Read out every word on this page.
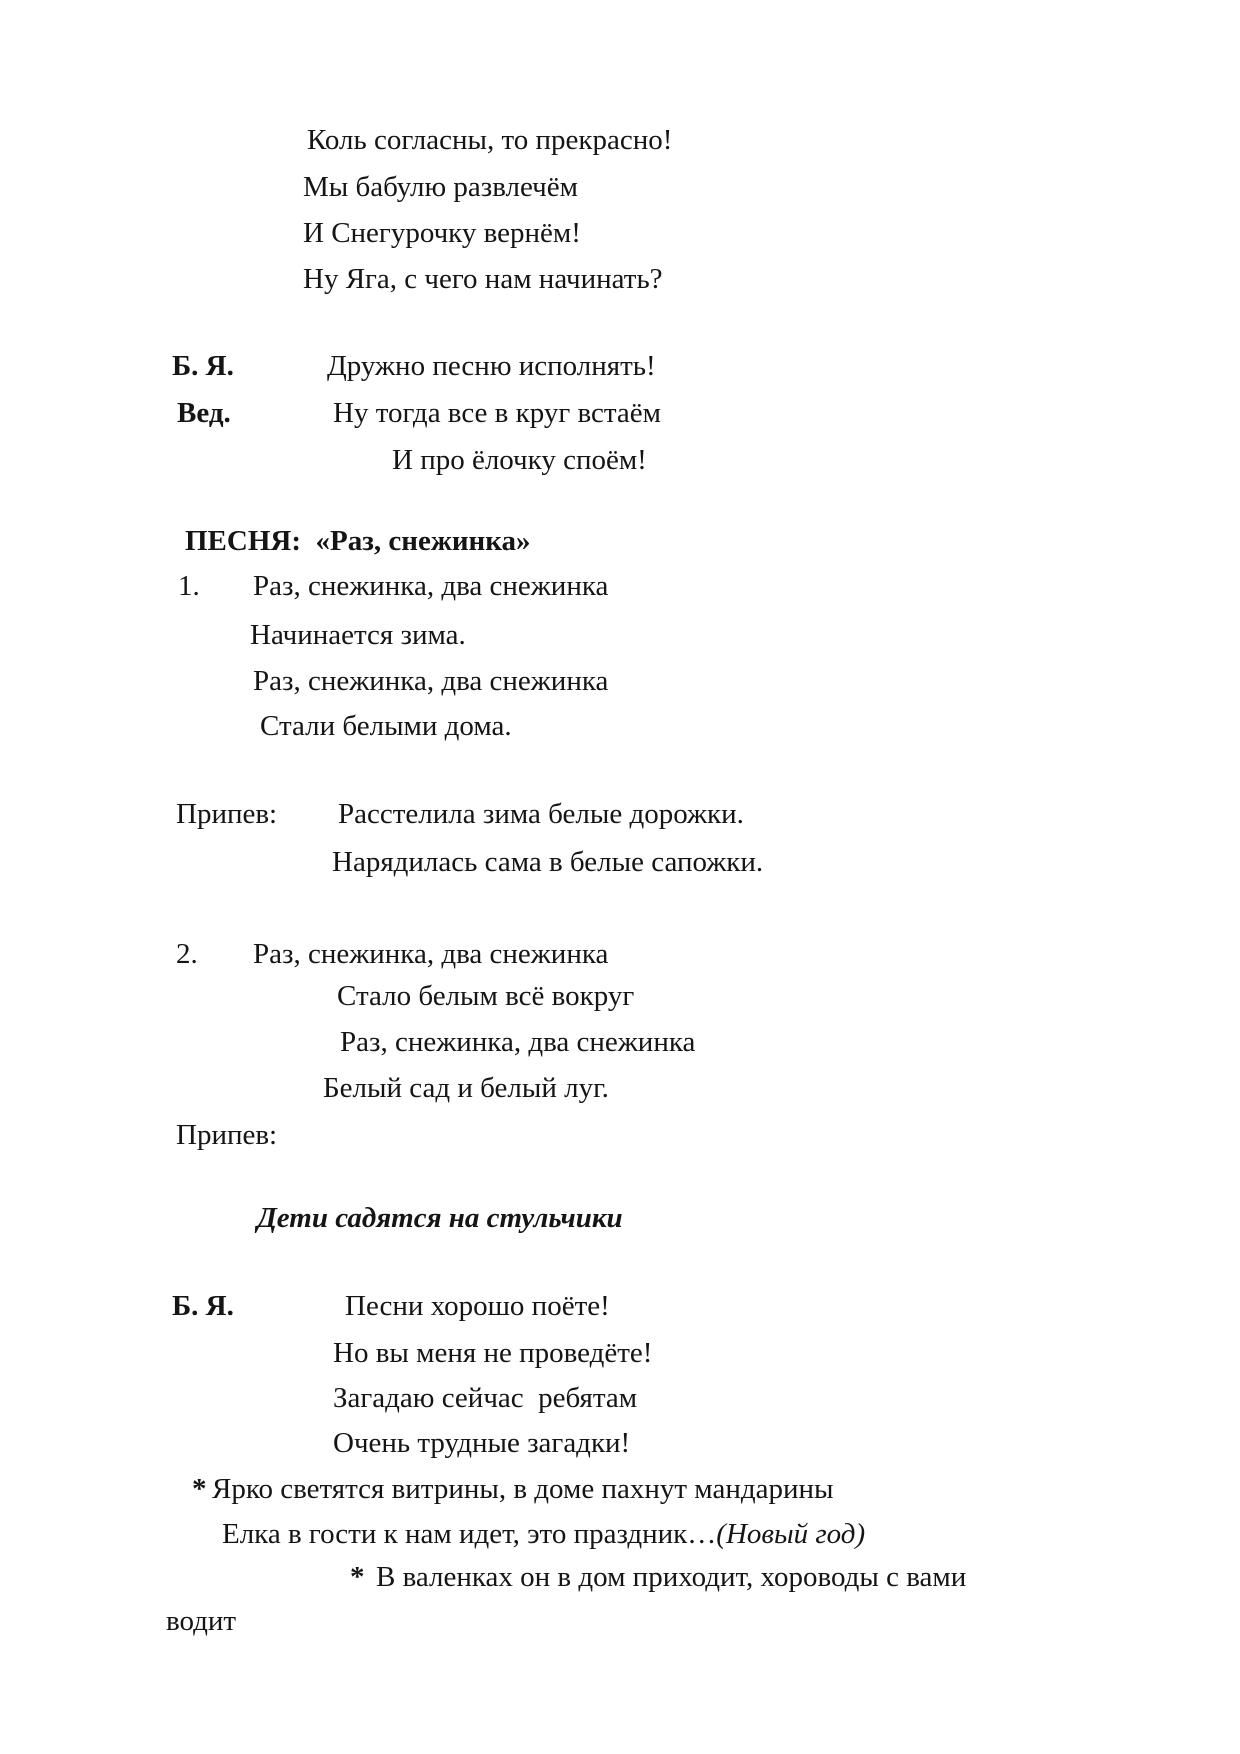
Коль согласны, то прекрасно!
Мы бабулю развлечём
И Снегурочку вернём!
Ну Яга, с чего нам начинать?
Б. Я.	Дружно песню исполнять!
Вед.	Ну тогда все в круг встаём
И про ёлочку споём!
ПЕСНЯ:  «Раз, снежинка»
1. Раз, снежинка, два снежинка
Начинается зима.
Раз, снежинка, два снежинка
Стали белыми дома.
Припев: Расстелила зима белые дорожки.
Нарядилась сама в белые сапожки.
2. Раз, снежинка, два снежинка
Стало белым всё вокруг
Раз, снежинка, два снежинка
Белый сад и белый луг.
Припев:
Дети садятся на стульчики
Б. Я.	Песни хорошо поёте!
Но вы меня не проведёте!
Загадаю сейчас  ребятам
Очень трудные загадки!
* Ярко светятся витрины, в доме пахнут мандарины
Елка в гости к нам идет, это праздник…(Новый год)
* В валенках он в дом приходит, хороводы с вами
водит
